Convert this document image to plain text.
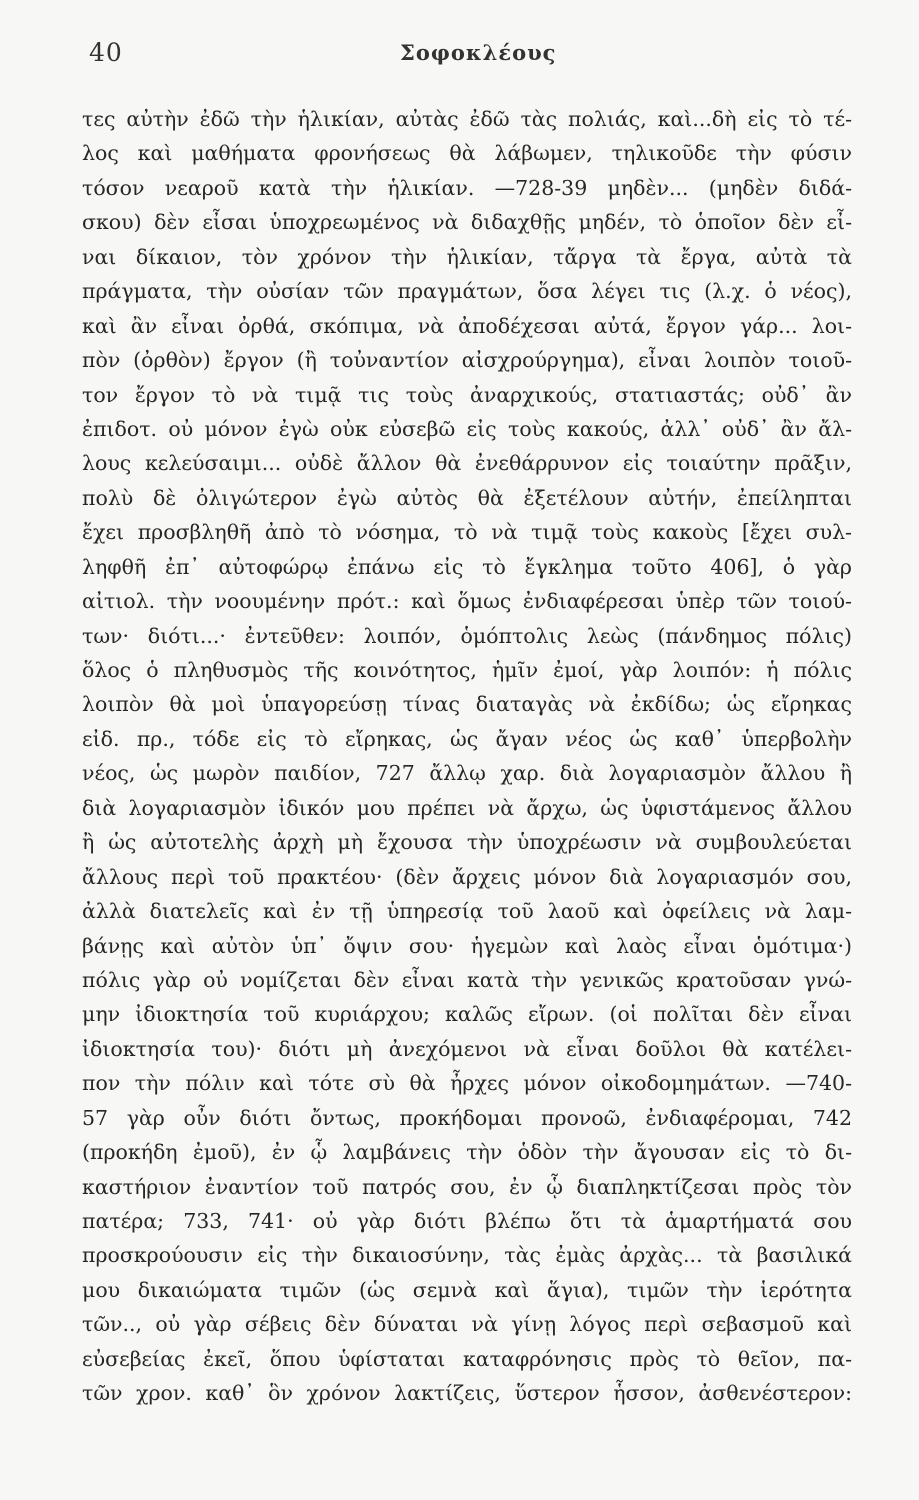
40	Σοφοκλέους
τες αὐτὴν ἐδῶ τὴν ἡλικίαν, αὐτὰς ἐδῶ τὰς πολιάς, καὶ...δὴ εἰς τὸ τέ-
λος καὶ μαθήματα φρονήσεως θὰ λάβωμεν, τηλικοῦδε τὴν φύσιν
τόσον νεαροῦ κατὰ τὴν ἡλικίαν. —728-39 μηδὲν... (μηδὲν διδά-
σκου) δὲν εἶσαι ὑποχρεωμένος νὰ διδαχθῇς μηδέν, τὸ ὁποῖον δὲν εἶ-
ναι δίκαιον, τὸν χρόνον τὴν ἡλικίαν, τἄργα τὰ ἔργα, αὐτὰ τὰ
πράγματα, τὴν οὐσίαν τῶν πραγμάτων, ὅσα λέγει τις (λ.χ. ὁ νέος),
καὶ ἂν εἶναι ὀρθά, σκόπιμα, νὰ ἀποδέχεσαι αὐτά, ἔργον γάρ... λοι-
πὸν (ὀρθὸν) ἔργον (ἢ τοὐναντίον αἰσχρούργημα), εἶναι λοιπὸν τοιοῦ-
τον ἔργον τὸ νὰ τιμᾷ τις τοὺς ἀναρχικούς, στατιαστάς; οὐδ᾽ ἂν
ἐπιδοτ. οὐ μόνον ἐγὼ οὐκ εὐσεβῶ εἰς τοὺς κακούς, ἀλλ᾽ οὐδ᾽ ἂν ἄλ-
λους κελεύσαιμι... οὐδὲ ἄλλον θὰ ἐνεθάρρυνον εἰς τοιαύτην πρᾶξιν,
πολὺ δὲ ὀλιγώτερον ἐγὼ αὐτὸς θὰ ἐξετέλουν αὐτήν, ἐπείληπται
ἔχει προσβληθῆ ἀπὸ τὸ νόσημα, τὸ νὰ τιμᾷ τοὺς κακοὺς [ἔχει συλ-
ληφθῆ ἐπ᾽ αὐτοφώρῳ ἐπάνω εἰς τὸ ἔγκλημα τοῦτο 406], ὁ γὰρ
αἰτιολ. τὴν νοουμένην πρότ.: καὶ ὅμως ἐνδιαφέρεσαι ὑπὲρ τῶν τοιού-
των· διότι...· ἐντεῦθεν: λοιπόν, ὁμόπτολις λεὼς (πάνδημος πόλις)
ὅλος ὁ πληθυσμὸς τῆς κοινότητος, ἡμῖν ἐμοί, γὰρ λοιπόν: ἡ πόλις
λοιπὸν θὰ μοὶ ὑπαγορεύσῃ τίνας διαταγὰς νὰ ἐκδίδω; ὡς εἴρηκας
εἰδ. πρ., τόδε εἰς τὸ εἴρηκας, ὡς ἄγαν νέος ὡς καθ᾽ ὑπερβολὴν
νέος, ὡς μωρὸν παιδίον, 727 ἄλλῳ χαρ. διὰ λογαριασμὸν ἄλλου ἢ
διὰ λογαριασμὸν ἰδικόν μου πρέπει νὰ ἄρχω, ὡς ὑφιστάμενος ἄλλου
ἢ ὡς αὐτοτελὴς ἀρχὴ μὴ ἔχουσα τὴν ὑποχρέωσιν νὰ συμβουλεύεται
ἄλλους περὶ τοῦ πρακτέου· (δὲν ἄρχεις μόνον διὰ λογαριασμόν σου,
ἀλλὰ διατελεῖς καὶ ἐν τῇ ὑπηρεσίᾳ τοῦ λαοῦ καὶ ὀφείλεις νὰ λαμ-
βάνῃς καὶ αὐτὸν ὑπ᾽ ὄψιν σου· ἡγεμὼν καὶ λαὸς εἶναι ὁμότιμα·)
πόλις γὰρ οὐ νομίζεται δὲν εἶναι κατὰ τὴν γενικῶς κρατοῦσαν γνώ-
μην ἰδιοκτησία τοῦ κυριάρχου; καλῶς εἴρων. (οἱ πολῖται δὲν εἶναι
ἰδιοκτησία του)· διότι μὴ ἀνεχόμενοι νὰ εἶναι δοῦλοι θὰ κατέλει-
πον τὴν πόλιν καὶ τότε σὺ θὰ ἦρχες μόνον οἰκοδομημάτων. —740-
57 γὰρ οὖν διότι ὄντως, προκήδομαι προνοῶ, ἐνδιαφέρομαι, 742
(προκήδη ἐμοῦ), ἐν ᾧ λαμβάνεις τὴν ὁδὸν τὴν ἄγουσαν εἰς τὸ δι-
καστήριον ἐναντίον τοῦ πατρός σου, ἐν ᾧ διαπληκτίζεσαι πρὸς τὸν
πατέρα; 733, 741· οὐ γὰρ διότι βλέπω ὅτι τὰ ἁμαρτήματά σου
προσκρούουσιν εἰς τὴν δικαιοσύνην, τὰς ἐμὰς ἀρχὰς... τὰ βασιλικά
μου δικαιώματα τιμῶν (ὡς σεμνὰ καὶ ἅγια), τιμῶν τὴν ἱερότητα
τῶν.., οὐ γὰρ σέβεις δὲν δύναται νὰ γίνῃ λόγος περὶ σεβασμοῦ καὶ
εὐσεβείας ἐκεῖ, ὅπου ὑφίσταται καταφρόνησις πρὸς τὸ θεῖον, πα-
τῶν χρον. καθ᾽ ὃν χρόνον λακτίζεις, ὕστερον ἧσσον, ἀσθενέστερον:
